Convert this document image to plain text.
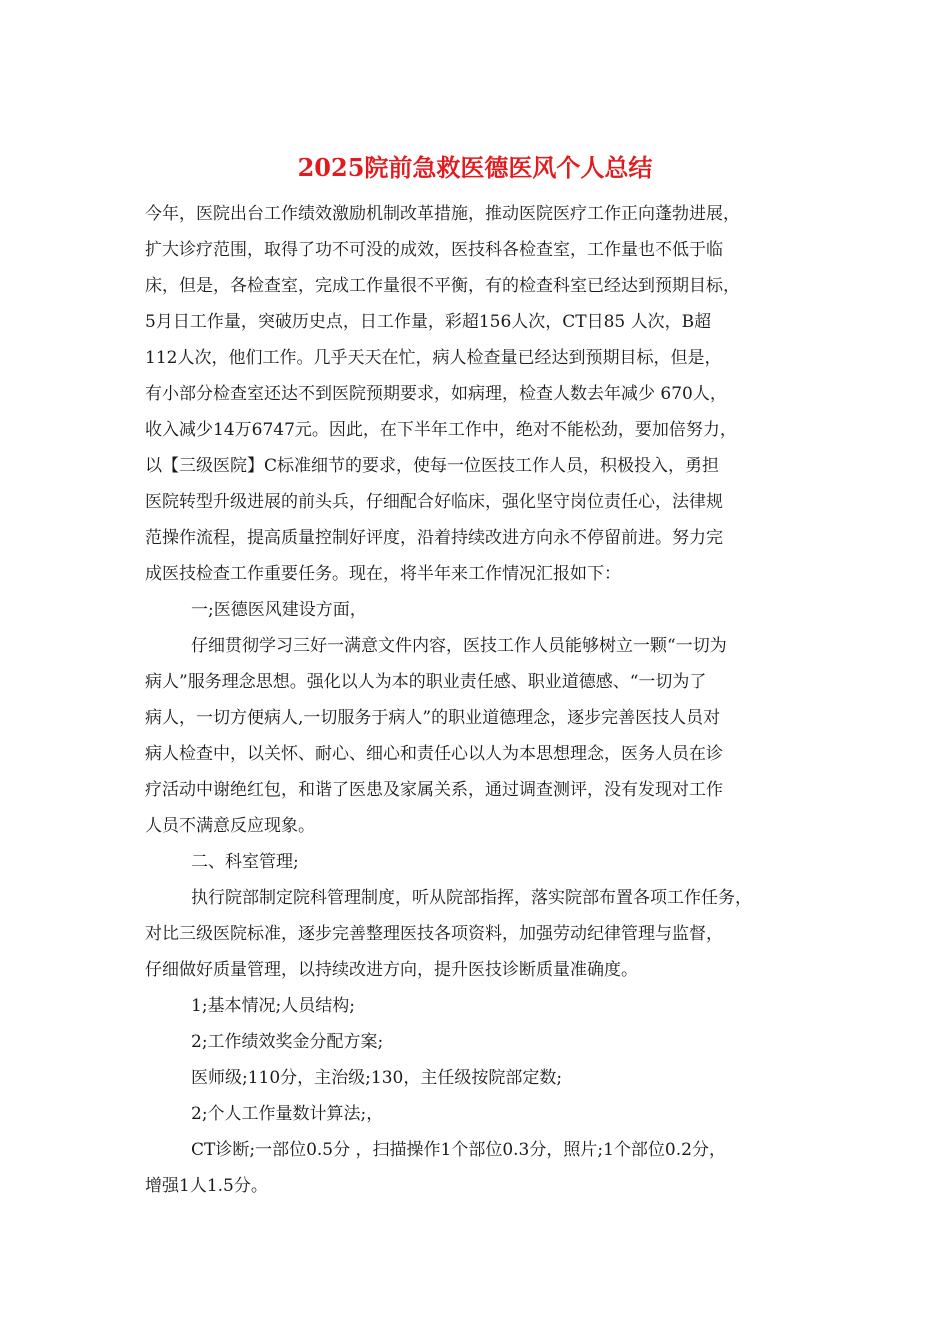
2025院前急救医德医风个人总结
今年，医院出台工作绩效激励机制改革措施，推动医院医疗工作正向蓬勃进展，
扩大诊疗范围，取得了功不可没的成效，医技科各检查室，工作量也不低于临
床，但是，各检查室，完成工作量很不平衡，有的检查科室已经达到预期目标，
5月日工作量，突破历史点，日工作量，彩超156人次，CT日85 人次，B超
112人次，他们工作。几乎天天在忙，病人检查量已经达到预期目标，但是，
有小部分检查室还达不到医院预期要求，如病理，检查人数去年减少 670人，
收入减少14万6747元。因此，在下半年工作中，绝对不能松劲，要加倍努力，
以【三级医院】C标准细节的要求，使每一位医技工作人员，积极投入，勇担
医院转型升级进展的前头兵，仔细配合好临床，强化坚守岗位责任心，法律规
范操作流程，提高质量控制好评度，沿着持续改进方向永不停留前进。努力完
成医技检查工作重要任务。现在，将半年来工作情况汇报如下：
一;医德医风建设方面，
仔细贯彻学习三好一满意文件内容，医技工作人员能够树立一颗“一切为
病人”服务理念思想。强化以人为本的职业责任感、职业道德感、“一切为了
病人，一切方便病人,一切服务于病人”的职业道德理念，逐步完善医技人员对
病人检查中，以关怀、耐心、细心和责任心以人为本思想理念，医务人员在诊
疗活动中谢绝红包，和谐了医患及家属关系，通过调查测评，没有发现对工作
人员不满意反应现象。
二、科室管理;
执行院部制定院科管理制度，听从院部指挥，落实院部布置各项工作任务，
对比三级医院标准，逐步完善整理医技各项资料，加强劳动纪律管理与监督，
仔细做好质量管理，以持续改进方向，提升医技诊断质量准确度。
1;基本情况;人员结构;
2;工作绩效奖金分配方案;
医师级;110分，主治级;130，主任级按院部定数;
2;个人工作量数计算法;，
CT诊断;一部位0.5分 ，扫描操作1个部位0.3分，照片;1个部位0.2分，
增强1人1.5分。
